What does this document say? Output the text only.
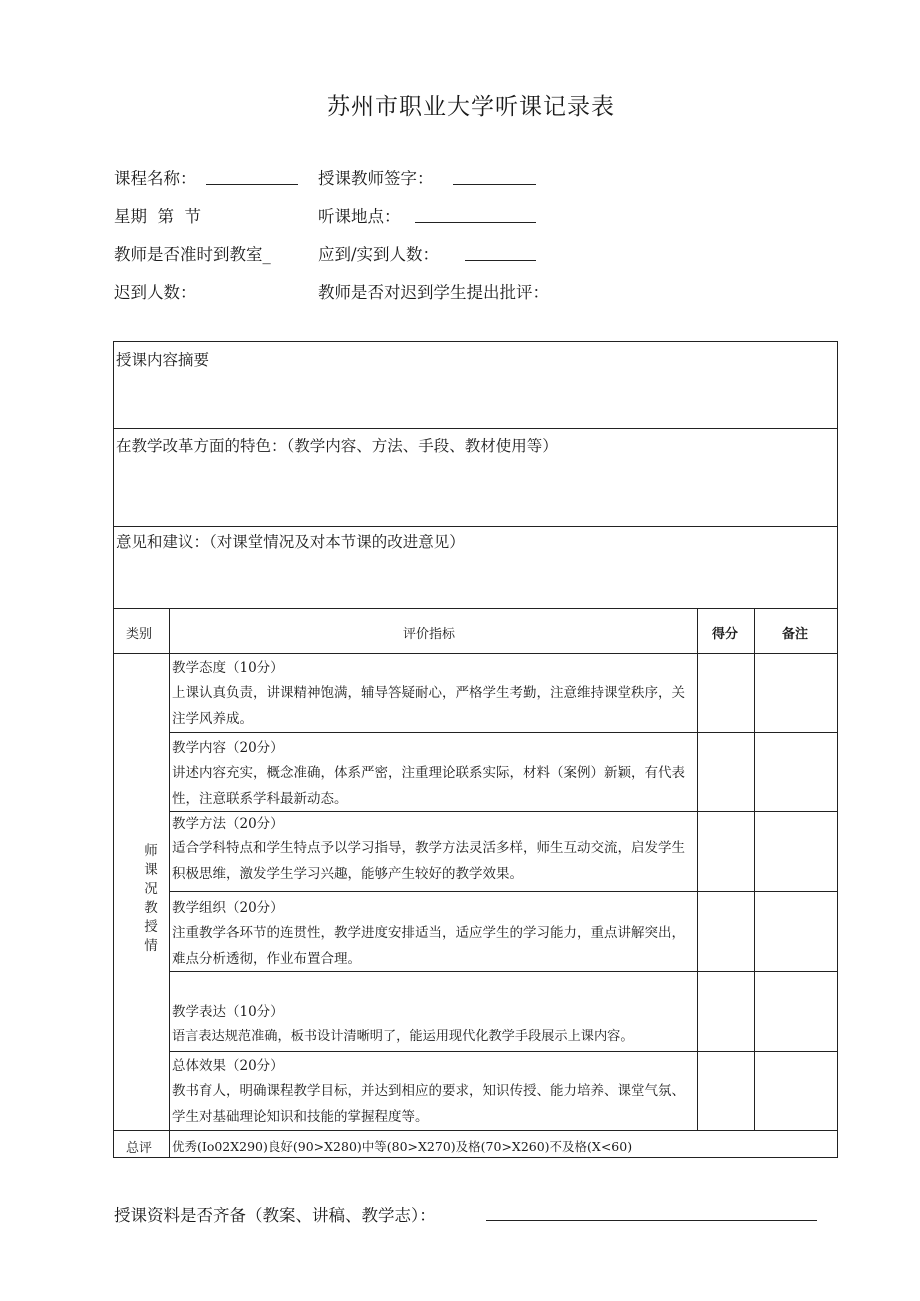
苏州市职业大学听课记录表
课程名称：	授课教师签字：
星期  第  节	听课地点：
教师是否准时到教室_	应到/实到人数：
迟到人数：	教师是否对迟到学生提出批评：
授课内容摘要
在教学改革方面的特色：（教学内容、方法、手段、教材使用等）
意见和建议：（对课堂情况及对本节课的改进意见）
类别	评价指标	得分	备注
师课况教授情
教学态度（10分）
上课认真负责，讲课精神饱满，辅导答疑耐心，严格学生考勤，注意维持课堂秩序，关注学风养成。
教学内容（20分）
讲述内容充实，概念准确，体系严密，注重理论联系实际，材料（案例）新颖，有代表性，注意联系学科最新动态。
教学方法（20分）
适合学科特点和学生特点予以学习指导，教学方法灵活多样，师生互动交流，启发学生积极思维，激发学生学习兴趣，能够产生较好的教学效果。
教学组织（20分）
注重教学各环节的连贯性，教学进度安排适当，适应学生的学习能力，重点讲解突出，难点分析透彻，作业布置合理。
教学表达（10分）
语言表达规范准确，板书设计清晰明了，能运用现代化教学手段展示上课内容。
总体效果（20分）
教书育人，明确课程教学目标，并达到相应的要求，知识传授、能力培养、课堂气氛、学生对基础理论知识和技能的掌握程度等。
总评 优秀(Io02X290)良好(90>X280)中等(80>X270)及格(70>X260)不及格(X<60)
授课资料是否齐备（教案、讲稿、教学志）：
